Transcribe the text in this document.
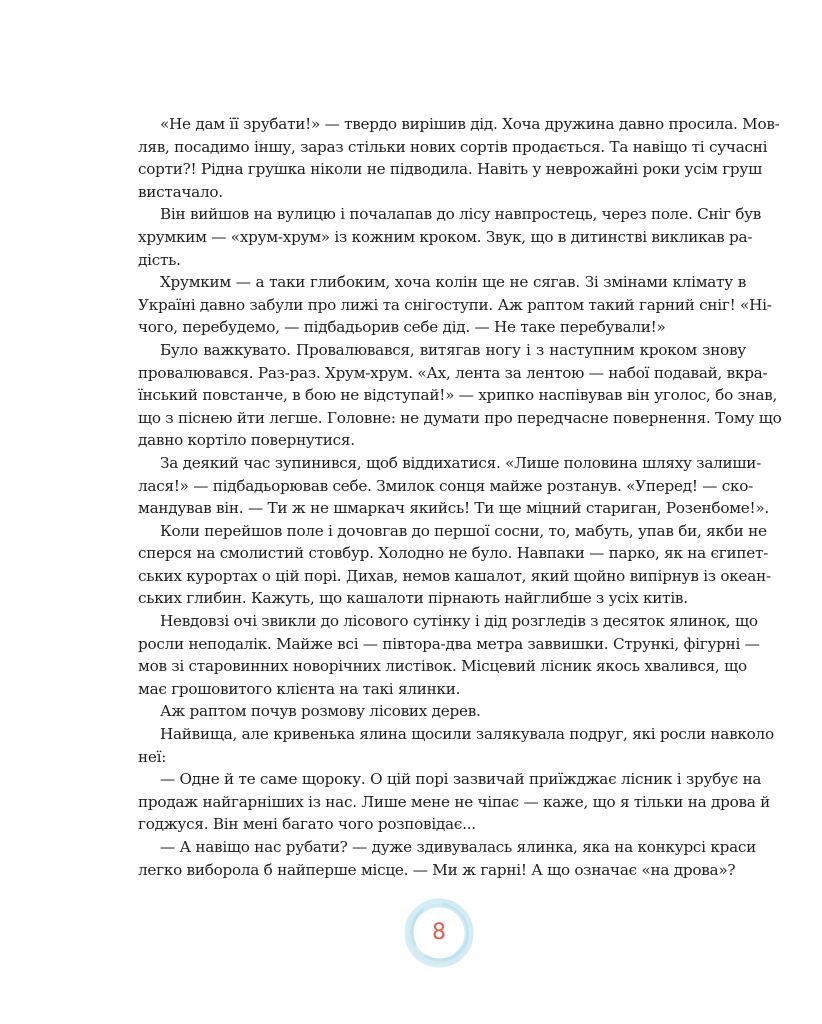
«Не дам її зрубати!» — твердо вирішив дід. Хоча дружина давно просила. Мов-
ляв, посадимо іншу, зараз стільки нових сортів продається. Та навіщо ті сучасні
сорти?! Рідна грушка ніколи не підводила. Навіть у неврожайні роки усім груш
вистачало.
Він вийшов на вулицю і почалапав до лісу навпростець, через поле. Сніг був
хрумким — «хрум-хрум» із кожним кроком. Звук, що в дитинстві викликав ра-
дість.
Хрумким — а таки глибоким, хоча колін ще не сягав. Зі змінами клімату в
Україні давно забули про лижі та снігоступи. Аж раптом такий гарний сніг! «Ні-
чого, перебудемо, — підбадьорив себе дід. — Не таке перебували!»
Було важкувато. Провалювався, витягав ногу і з наступним кроком знову
провалювався. Раз-раз. Хрум-хрум. «Ах, лента за лентою — набої подавай, вкра-
їнський повстанче, в бою не відступай!» — хрипко наспівував він уголос, бо знав,
що з піснею йти легше. Головне: не думати про передчасне повернення. Тому що
давно кортіло повернутися.
За деякий час зупинився, щоб віддихатися. «Лише половина шляху залиши-
лася!» — підбадьорював себе. Змилок сонця майже розтанув. «Уперед! — ско-
мандував він. — Ти ж не шмаркач якийсь! Ти ще міцний стариган, Розенбоме!».
Коли перейшов поле і дочовгав до першої сосни, то, мабуть, упав би, якби не
сперся на смолистий стовбур. Холодно не було. Навпаки — парко, як на єгипет-
ських курортах о цій порі. Дихав, немов кашалот, який щойно випірнув із океан-
ських глибин. Кажуть, що кашалоти пірнають найглибше з усіх китів.
Невдовзі очі звикли до лісового сутінку і дід розгледів з десяток ялинок, що
росли неподалік. Майже всі — півтора-два метра заввишки. Стрункі, фігурні —
мов зі старовинних новорічних листівок. Місцевий лісник якось хвалився, що
має грошовитого клієнта на такі ялинки.
Аж раптом почув розмову лісових дерев.
Найвища, але кривенька ялина щосили залякувала подруг, які росли навколо
неї:
— Одне й те саме щороку. О цій порі зазвичай приїжджає лісник і зрубує на
продаж найгарніших із нас. Лише мене не чіпає — каже, що я тільки на дрова й
годжуся. Він мені багато чого розповідає...
— А навіщо нас рубати? — дуже здивувалась ялинка, яка на конкурсі краси
легко виборола б найперше місце. — Ми ж гарні! А що означає «на дрова»?
8
